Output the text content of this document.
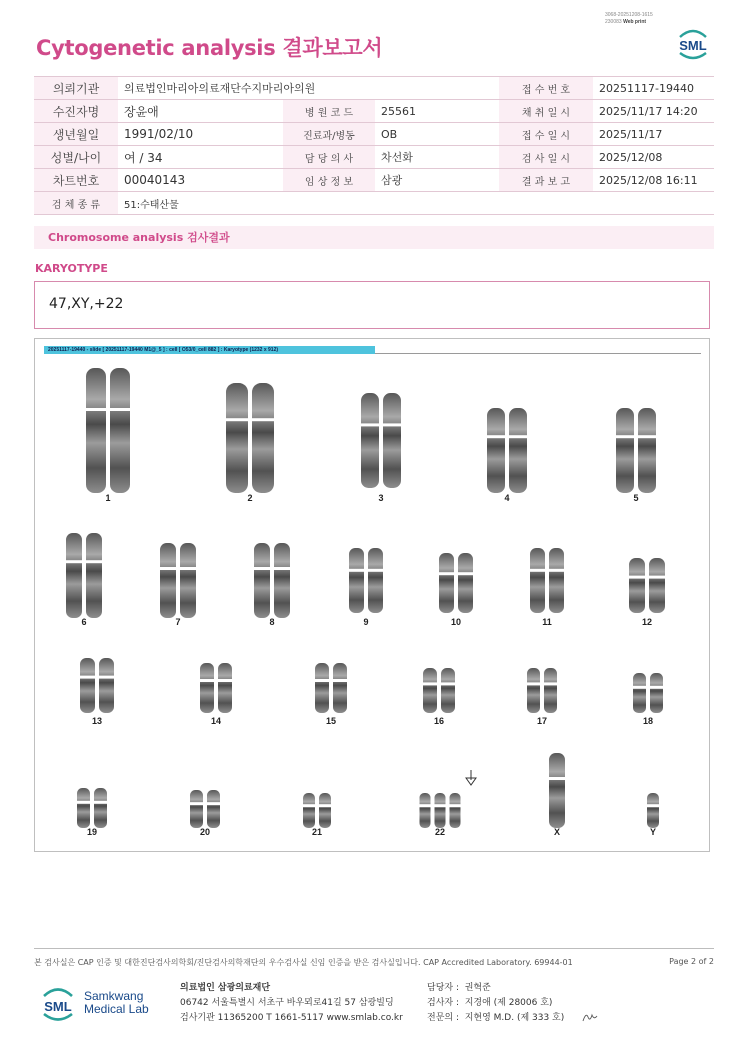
3068-20251208-1615
230083 Web print
Cytogenetic analysis 결과보고서	SML
의뢰기관	의료법인마리아의료재단수지마리아의원			접 수 번 호	20251117-19440
수진자명	장윤애	병 원 코 드	25561	채 취 일 시	2025/11/17 14:20
생년월일	1991/02/10	진료과/병동	OB	접 수 일 시	2025/11/17
성별/나이	여 / 34	담 당 의 사	차선화	검 사 일 시	2025/12/08
차트번호	00040143	임 상 정 보	삼광	결 과 보 고	2025/12/08 16:11
검 체 종 류	51:수태산물				
Chromosome analysis 검사결과
KARYOTYPE
47,XY,+22
20251117-19440 - slide [ 20251117-19440 M1@_5 ] : cell [ O53/0_cell 882 ] : Karyotype (1232 x 912)
1	2	3	4	5
6	7	8	9	10	11	12
13	14	15	16	17	18
19	20	21	22	X	Y
본 검사실은 CAP 인증 및 대한진단검사의학회/진단검사의학재단의 우수검사실 신임 인증을 받은 검사실입니다. CAP Accredited Laboratory. 69944-01	Page 2 of 2
SML
Samkwang
Medical Lab
의료법인 삼광의료재단
06742 서울특별시 서초구 바우뫼로41길 57 삼광빌딩
검사기관 11365200 T 1661-5117 www.smlab.co.kr
담당자 : 권혁준
검사자 : 지경애 (제 28006 호)
전문의 : 지현영 M.D. (제 333 호)
